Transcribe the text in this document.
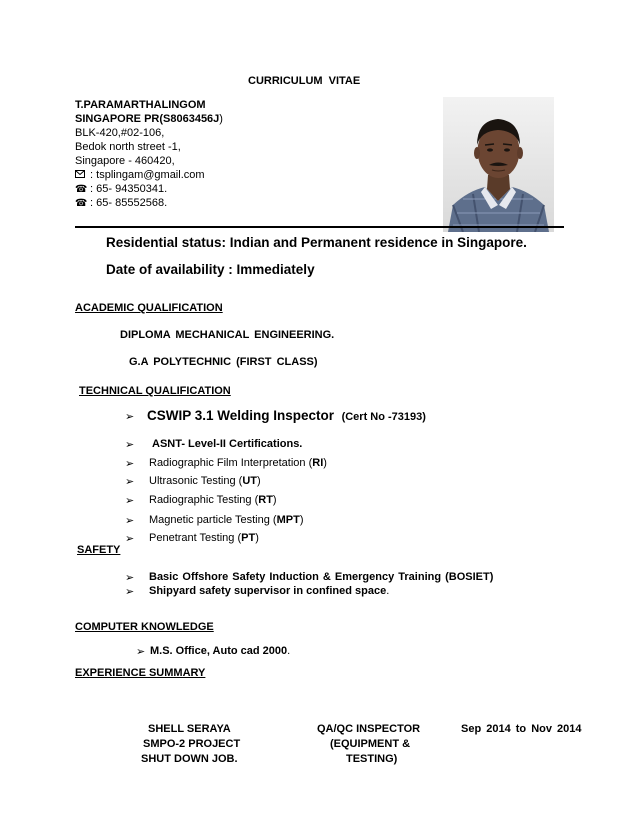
CURRICULUM VITAE
T.PARAMARTHALINGOM
SINGAPORE PR(S8063456J)
BLK-420,#02-106,
Bedok north street -1,
Singapore - 460420,
: tsplingam@gmail.com
☎ : 65- 94350341.
☎ : 65- 85552568.
Residential status: Indian and Permanent residence in Singapore.
Date of availability : Immediately
ACADEMIC QUALIFICATION
DIPLOMA MECHANICAL ENGINEERING.
G.A POLYTECHNIC (FIRST CLASS)
TECHNICAL QUALIFICATION
➢ CSWIP 3.1 Welding Inspector (Cert No -73193)
➢ ASNT- Level-II Certifications.
➢ Radiographic Film Interpretation (RI)
➢ Ultrasonic Testing (UT)
➢ Radiographic Testing (RT)
➢ Magnetic particle Testing (MPT)
➢ Penetrant Testing (PT)
SAFETY
➢ Basic Offshore Safety Induction & Emergency Training (BOSIET)
➢ Shipyard safety supervisor in confined space.
COMPUTER KNOWLEDGE
➢ M.S. Office, Auto cad 2000.
EXPERIENCE SUMMARY
SHELL SERAYA
SMPO-2 PROJECT
SHUT DOWN JOB.
QA/QC INSPECTOR
(EQUIPMENT &
TESTING)
Sep 2014 to Nov 2014
